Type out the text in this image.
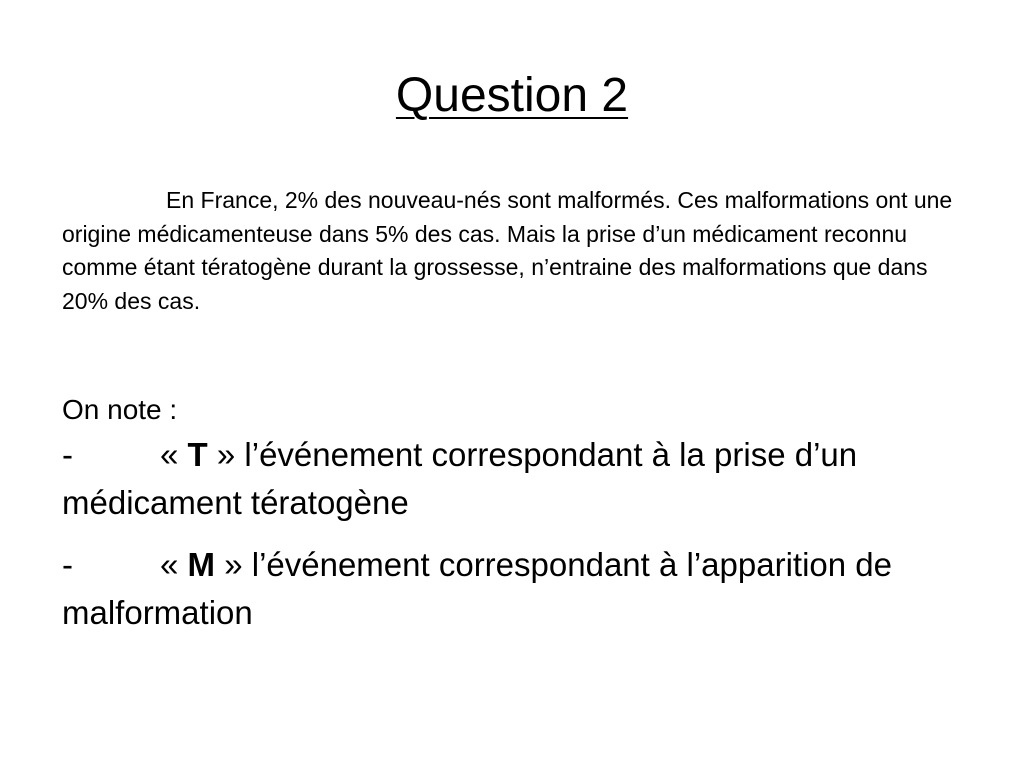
Question 2

En France, 2% des nouveau-nés sont malformés. Ces malformations ont une origine médicamenteuse dans 5% des cas. Mais la prise d’un médicament reconnu comme étant tératogène durant la grossesse, n’entraine des malformations que dans 20% des cas.

On note :

-	« T » l’événement correspondant à la prise d’un médicament tératogène

-	« M » l’événement correspondant à l’apparition de malformation
